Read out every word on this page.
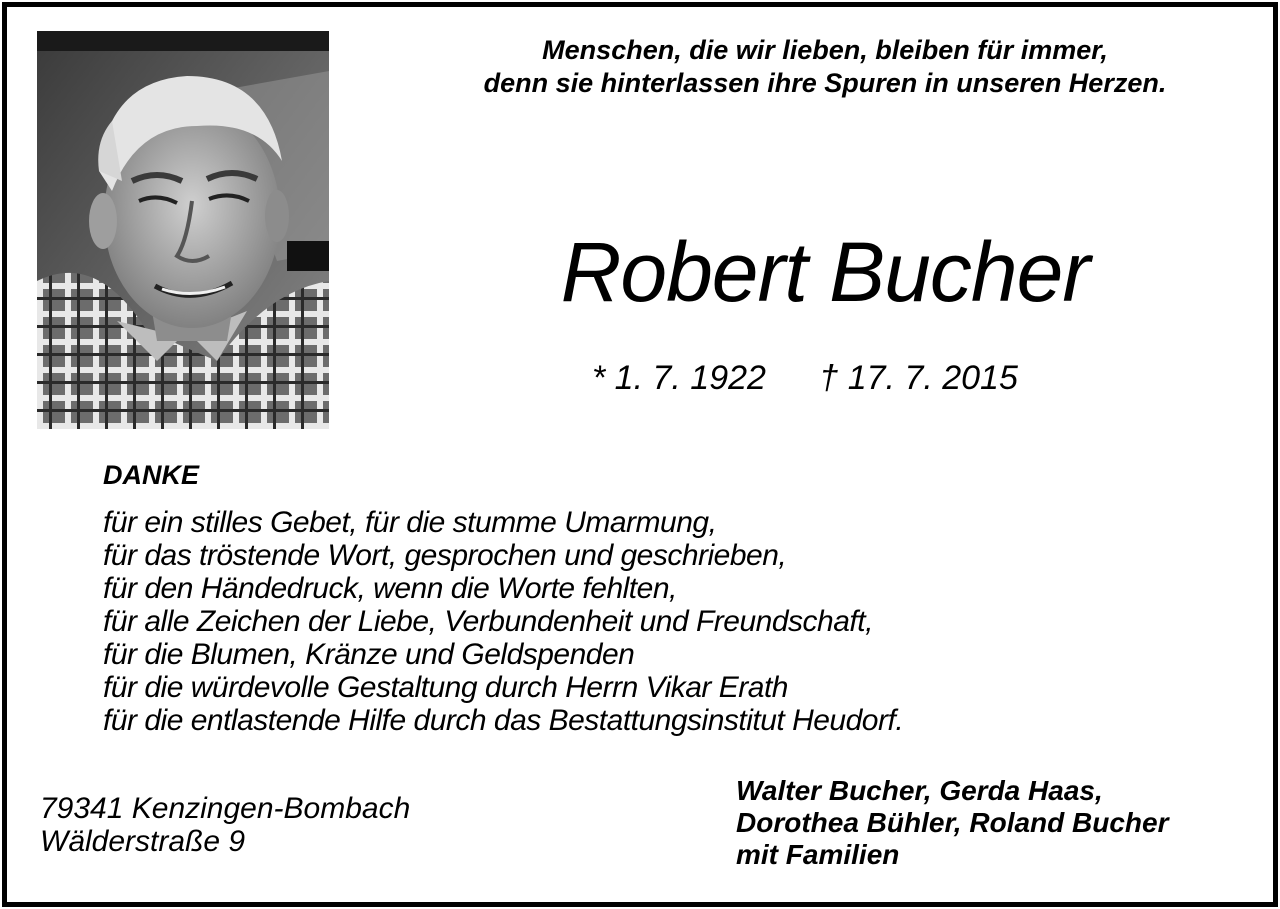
Menschen, die wir lieben, bleiben für immer,
denn sie hinterlassen ihre Spuren in unseren Herzen.
Robert Bucher
* 1. 7. 1922 † 17. 7. 2015
DANKE
für ein stilles Gebet, für die stumme Umarmung,
für das tröstende Wort, gesprochen und geschrieben,
für den Händedruck, wenn die Worte fehlten,
für alle Zeichen der Liebe, Verbundenheit und Freundschaft,
für die Blumen, Kränze und Geldspenden
für die würdevolle Gestaltung durch Herrn Vikar Erath
für die entlastende Hilfe durch das Bestattungsinstitut Heudorf.
79341 Kenzingen-Bombach
Wälderstraße 9
Walter Bucher, Gerda Haas,
Dorothea Bühler, Roland Bucher
mit Familien
